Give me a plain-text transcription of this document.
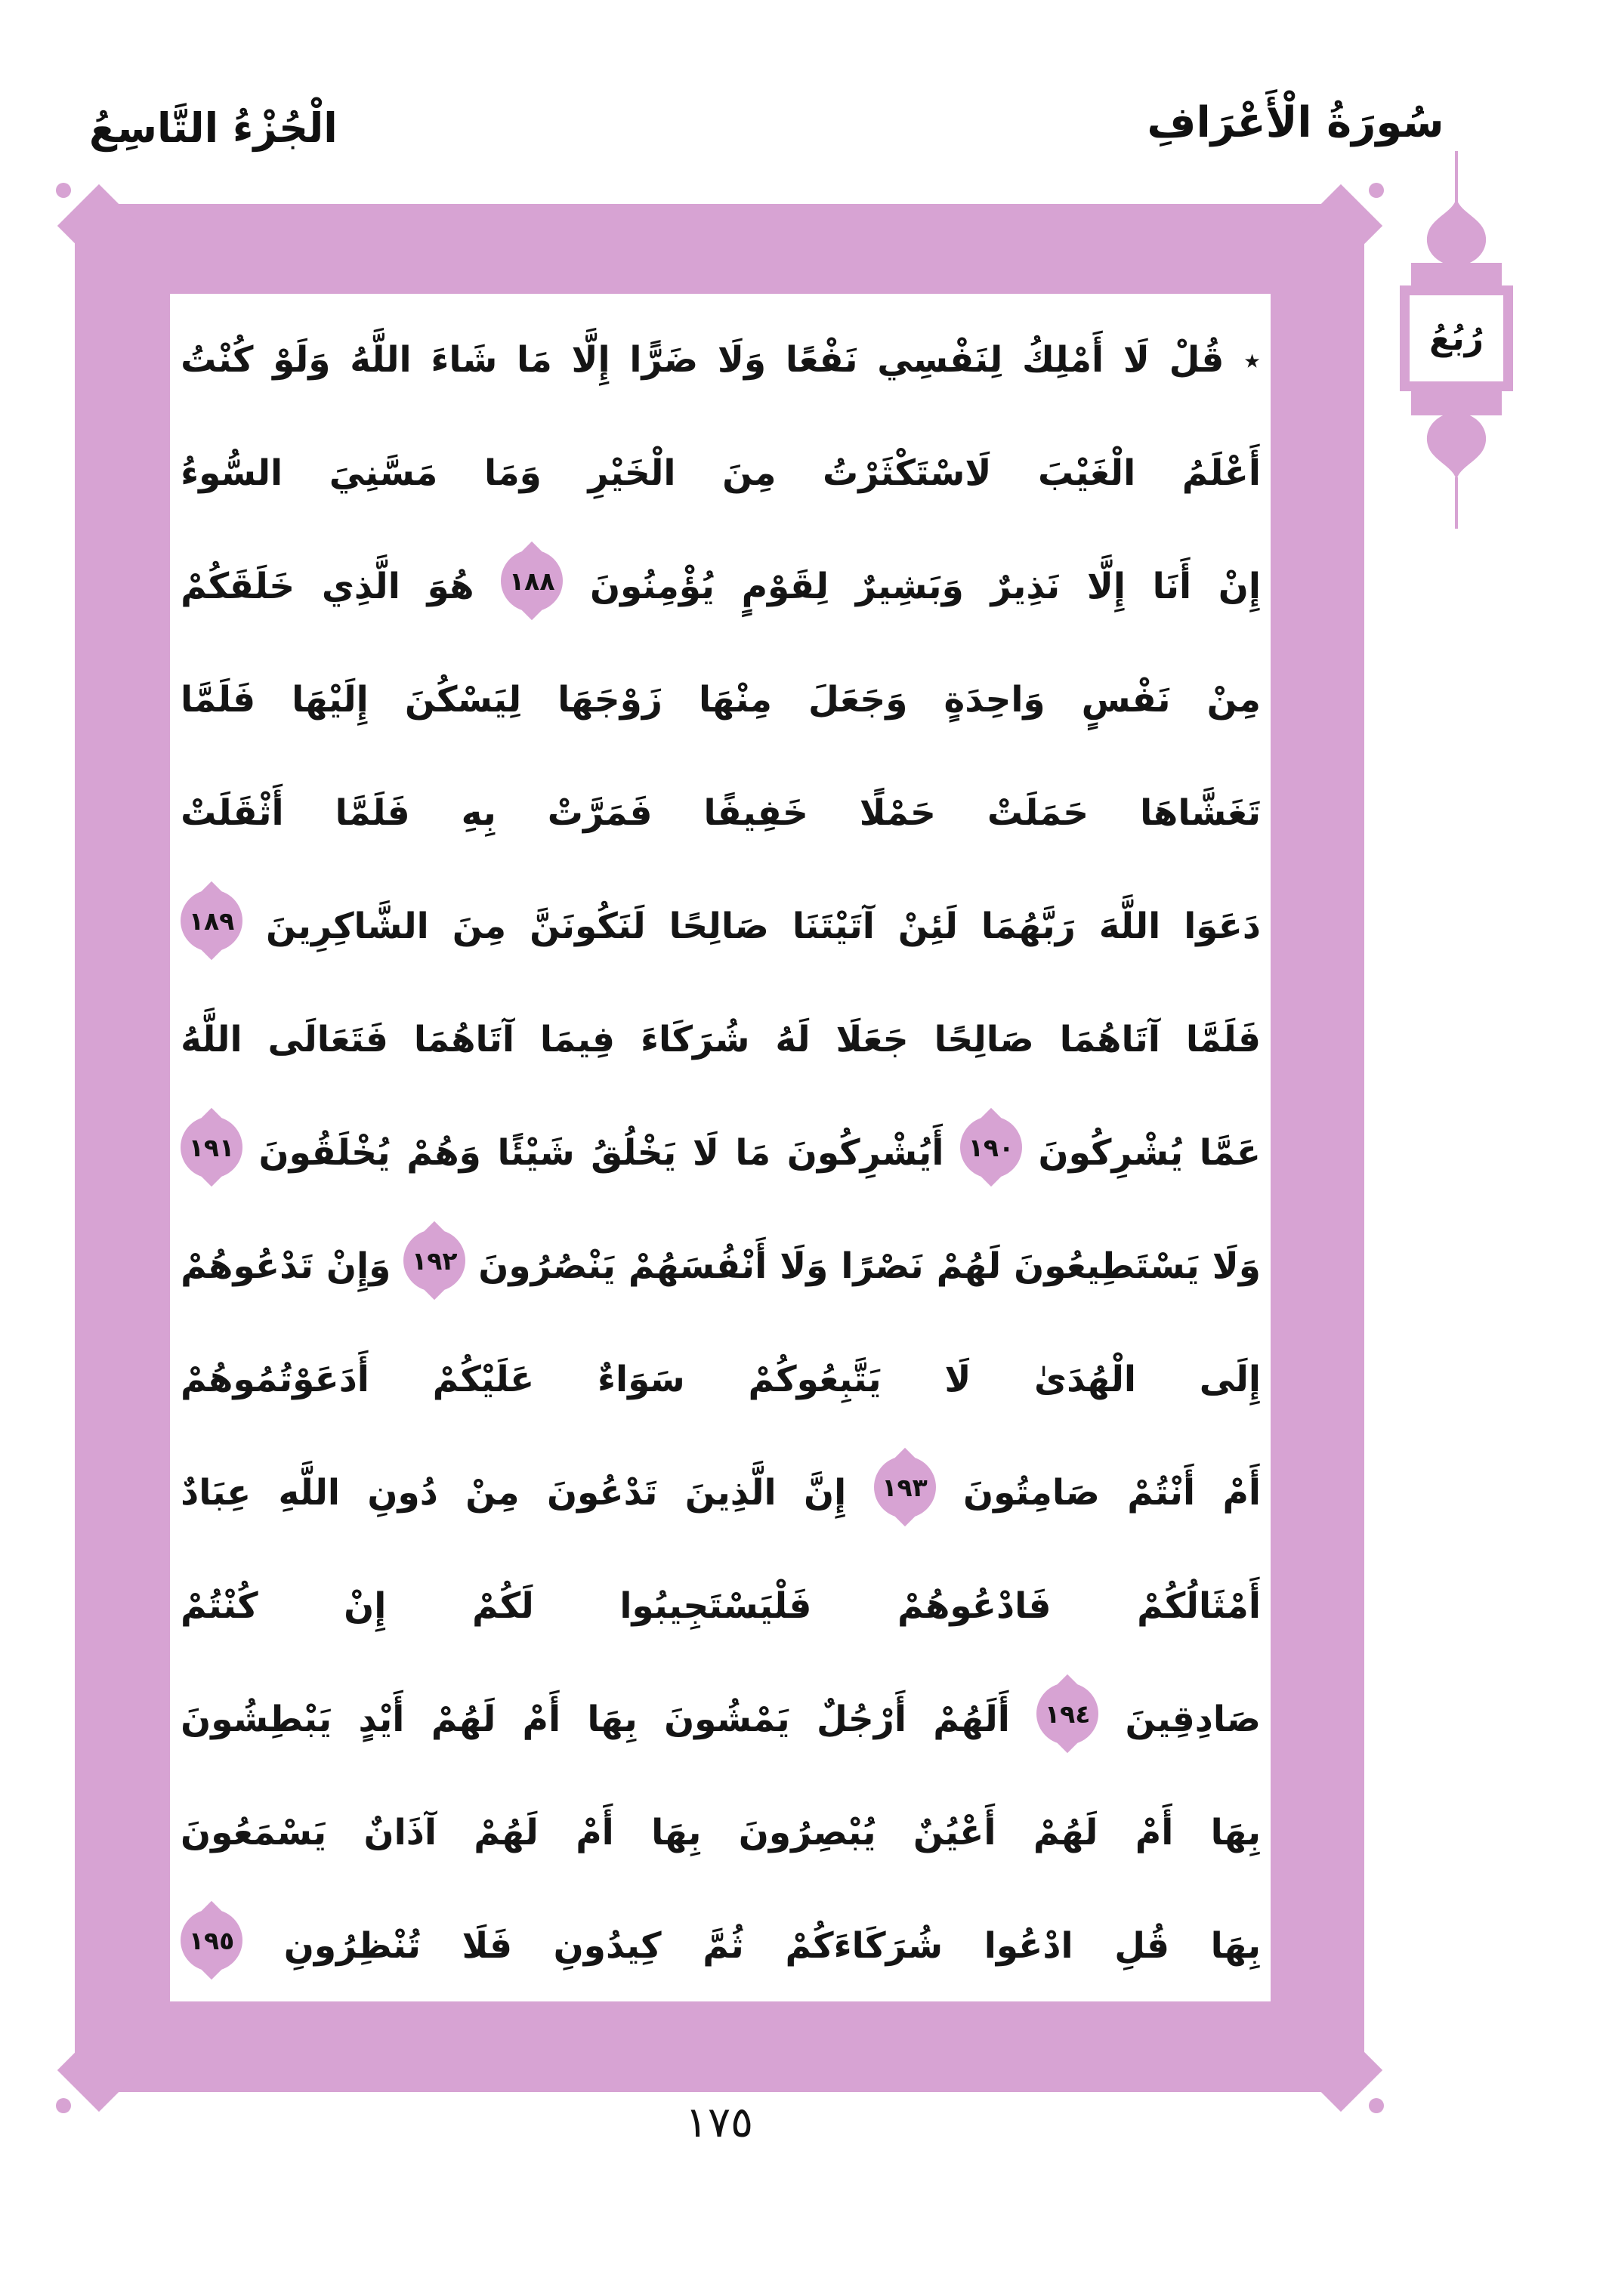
الْجُزْءُ التَّاسِعُ	سُورَةُ الْأَعْرَافِ
رُبُعُ
٭
قُلْ
لَا
أَمْلِكُ
لِنَفْسِي
نَفْعًا
وَلَا
ضَرًّا
إِلَّا
مَا
شَاءَ
اللَّهُ
وَلَوْ
كُنْتُ
أَعْلَمُ
الْغَيْبَ
لَاسْتَكْثَرْتُ
مِنَ
الْخَيْرِ
وَمَا
مَسَّنِيَ
السُّوءُ
إِنْ
أَنَا
إِلَّا
نَذِيرٌ
وَبَشِيرٌ
لِقَوْمٍ
يُؤْمِنُونَ
١٨٨
هُوَ
الَّذِي
خَلَقَكُمْ
مِنْ
نَفْسٍ
وَاحِدَةٍ
وَجَعَلَ
مِنْهَا
زَوْجَهَا
لِيَسْكُنَ
إِلَيْهَا
فَلَمَّا
تَغَشَّاهَا
حَمَلَتْ
حَمْلًا
خَفِيفًا
فَمَرَّتْ
بِهِ
فَلَمَّا
أَثْقَلَتْ
دَعَوَا
اللَّهَ
رَبَّهُمَا
لَئِنْ
آتَيْتَنَا
صَالِحًا
لَنَكُونَنَّ
مِنَ
الشَّاكِرِينَ
١٨٩
فَلَمَّا
آتَاهُمَا
صَالِحًا
جَعَلَا
لَهُ
شُرَكَاءَ
فِيمَا
آتَاهُمَا
فَتَعَالَى
اللَّهُ
عَمَّا
يُشْرِكُونَ
١٩٠
أَيُشْرِكُونَ
مَا
لَا
يَخْلُقُ
شَيْئًا
وَهُمْ
يُخْلَقُونَ
١٩١
وَلَا
يَسْتَطِيعُونَ
لَهُمْ
نَصْرًا
وَلَا
أَنْفُسَهُمْ
يَنْصُرُونَ
١٩٢
وَإِنْ
تَدْعُوهُمْ
إِلَى
الْهُدَىٰ
لَا
يَتَّبِعُوكُمْ
سَوَاءٌ
عَلَيْكُمْ
أَدَعَوْتُمُوهُمْ
أَمْ
أَنْتُمْ
صَامِتُونَ
١٩٣
إِنَّ
الَّذِينَ
تَدْعُونَ
مِنْ
دُونِ
اللَّهِ
عِبَادٌ
أَمْثَالُكُمْ
فَادْعُوهُمْ
فَلْيَسْتَجِيبُوا
لَكُمْ
إِنْ
كُنْتُمْ
صَادِقِينَ
١٩٤
أَلَهُمْ
أَرْجُلٌ
يَمْشُونَ
بِهَا
أَمْ
لَهُمْ
أَيْدٍ
يَبْطِشُونَ
بِهَا
أَمْ
لَهُمْ
أَعْيُنٌ
يُبْصِرُونَ
بِهَا
أَمْ
لَهُمْ
آذَانٌ
يَسْمَعُونَ
بِهَا
قُلِ
ادْعُوا
شُرَكَاءَكُمْ
ثُمَّ
كِيدُونِ
فَلَا
تُنْظِرُونِ
١٩٥
١٧٥
